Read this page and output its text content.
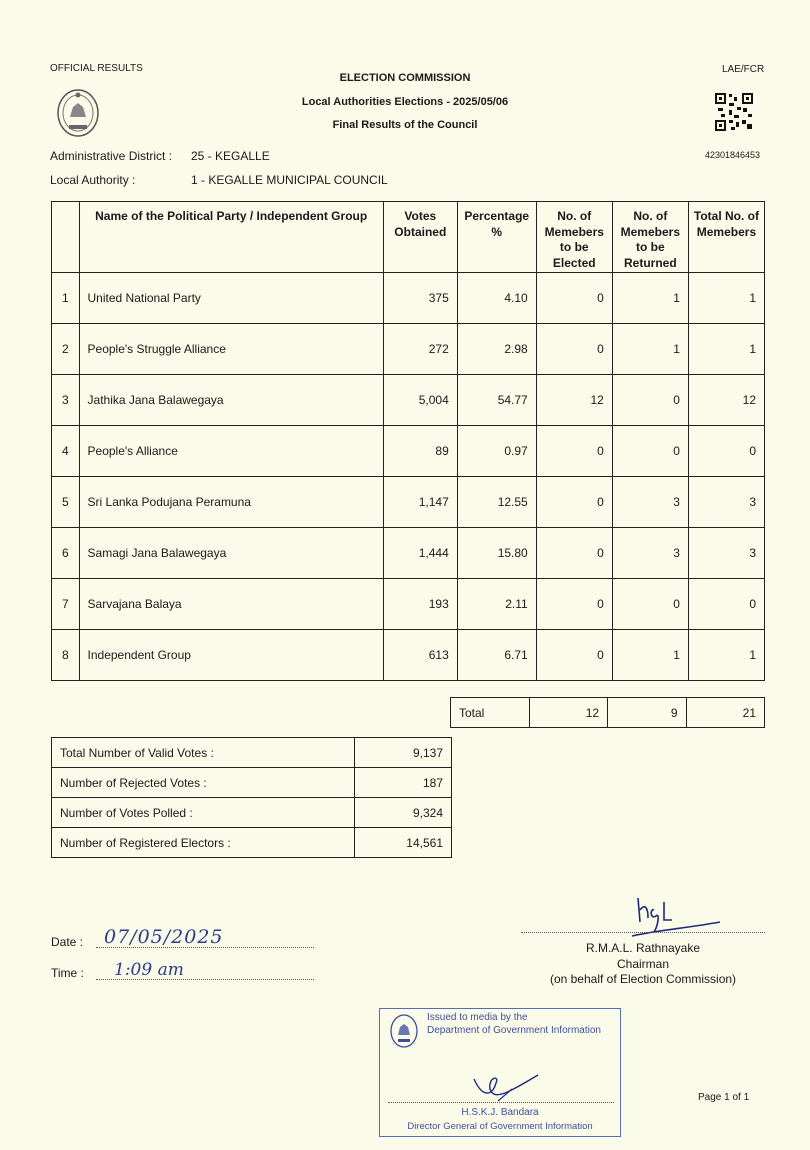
OFFICIAL RESULTS	LAE/FCR
ELECTION COMMISSION
Local Authorities Elections - 2025/05/06
Final Results of the Council
42301846453
Administrative District : 25 - KEGALLE
Local Authority :	1 - KEGALLE MUNICIPAL COUNCIL
	Name of the Political Party / Independent Group	Votes Obtained	Percentage %	No. of Memebers to be Elected	No. of Memebers to be Returned	Total No. of Memebers
1	United National Party	375	4.10	0	1	1
2	People's Struggle Alliance	272	2.98	0	1	1
3	Jathika Jana Balawegaya	5,004	54.77	12	0	12
4	People's Alliance	89	0.97	0	0	0
5	Sri Lanka Podujana Peramuna	1,147	12.55	0	3	3
6	Samagi Jana Balawegaya	1,444	15.80	0	3	3
7	Sarvajana Balaya	193	2.11	0	0	0
8	Independent Group	613	6.71	0	1	1
Total	12	9	21
Total Number of Valid Votes :	9,137
Number of Rejected Votes :	187
Number of Votes Polled :	9,324
Number of Registered Electors :	14,561
Date : 07/05/2025
Time : 1:09 am
R.M.A.L. Rathnayake
Chairman
(on behalf of Election Commission)
Issued to media by the
Department of Government Information
H.S.K.J. Bandara
Director General of Government Information
Page 1 of 1
